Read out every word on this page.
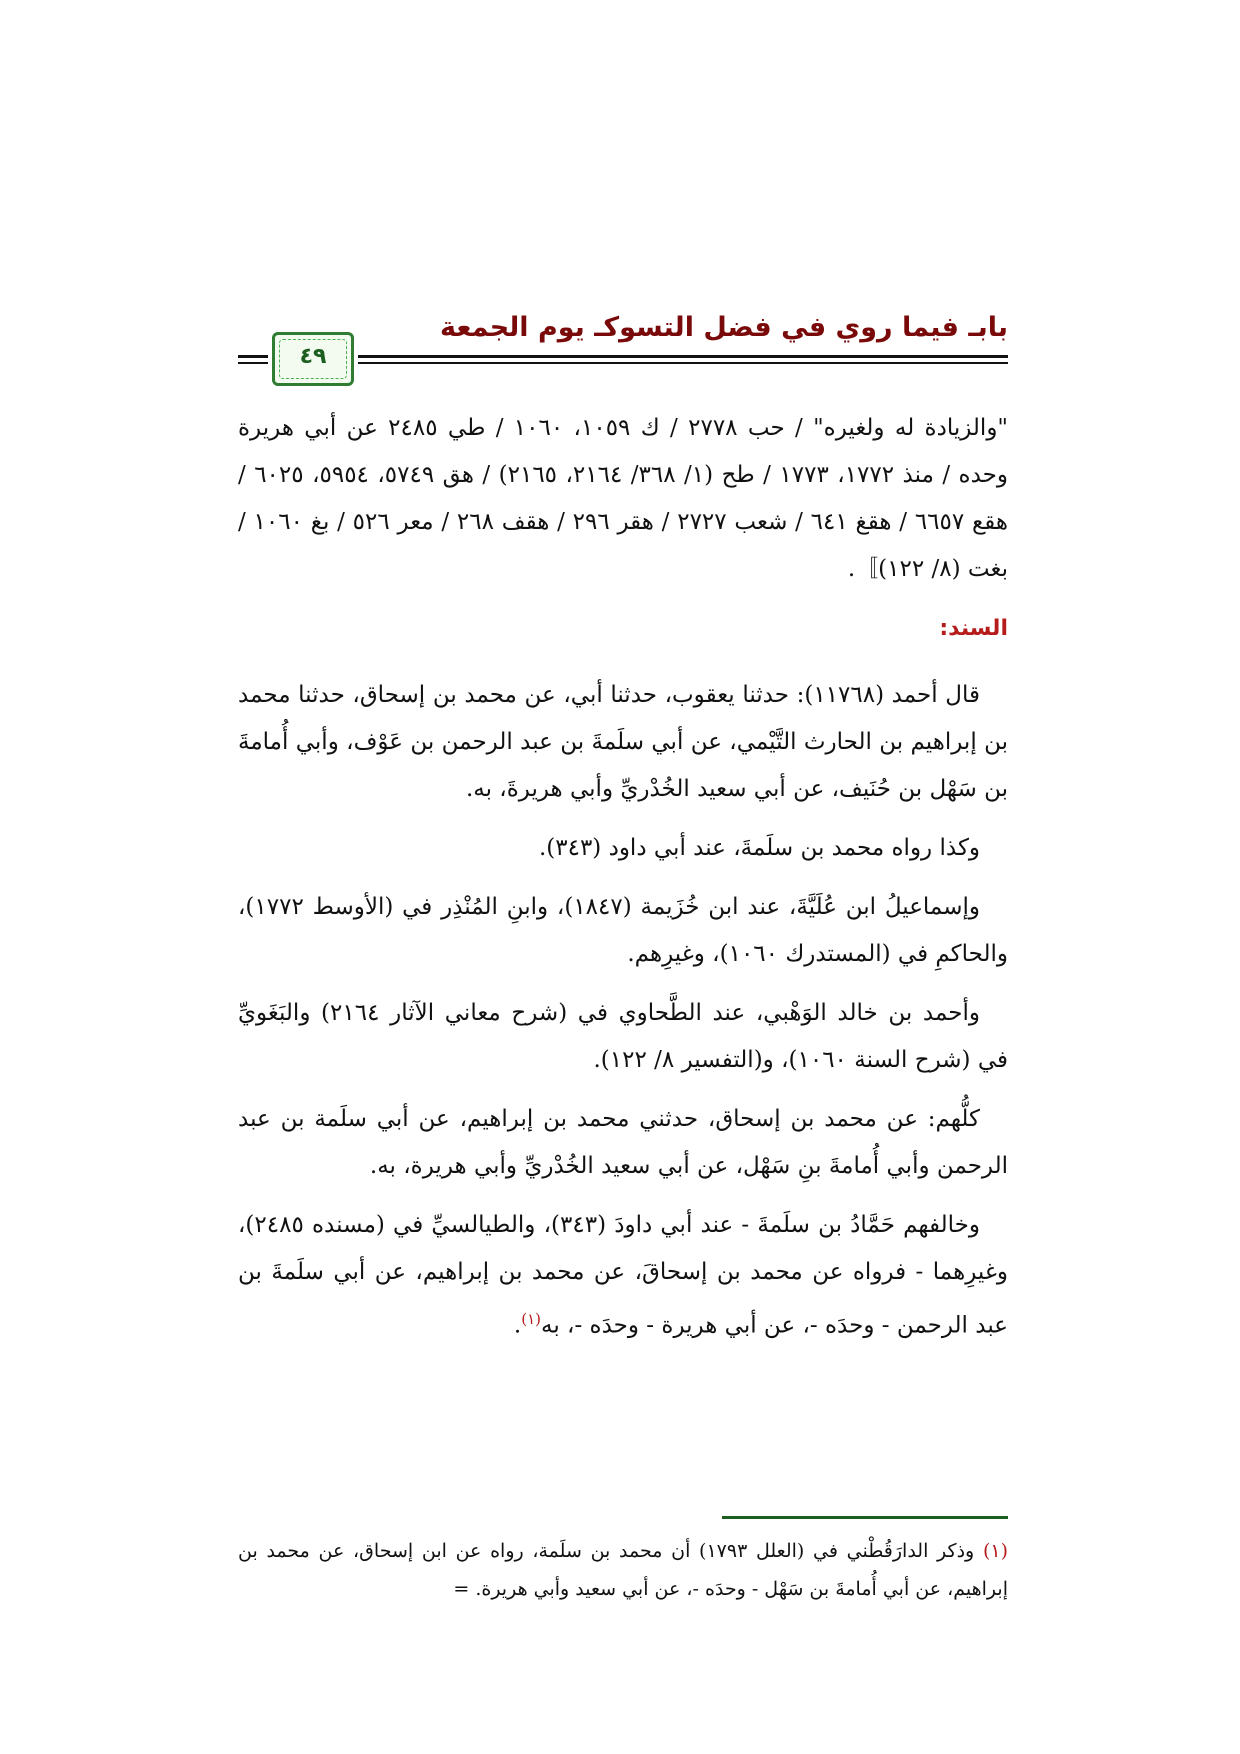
بابـ فيما روي في فضل التسوكـ يوم الجمعة
٤٩

"والزيادة له ولغيره" / حب ٢٧٧٨ / ك ١٠٥٩، ١٠٦٠ / طي ٢٤٨٥ عن أبي هريرة وحده / منذ ١٧٧٢، ١٧٧٣ / طح (١/ ٣٦٨/ ٢١٦٤، ٢١٦٥) / هق ٥٧٤٩، ٥٩٥٤، ٦٠٢٥ / هقع ٦٦٥٧ / هقغ ٦٤١ / شعب ٢٧٢٧ / هقر ٢٩٦ / هقف ٢٦٨ / معر ٥٢٦ / بغ ١٠٦٠ / بغت (٨/ ١٢٢)〛.

السند:

قال أحمد (١١٧٦٨): حدثنا يعقوب، حدثنا أبي، عن محمد بن إسحاق، حدثنا محمد بن إبراهيم بن الحارث التَّيْمي، عن أبي سلَمةَ بن عبد الرحمن بن عَوْف، وأبي أُمامةَ بن سَهْل بن حُنَيف، عن أبي سعيد الخُدْريِّ وأبي هريرةَ، به.

وكذا رواه محمد بن سلَمةَ، عند أبي داود (٣٤٣).

وإسماعيلُ ابن عُلَيَّةَ، عند ابن خُزَيمة (١٨٤٧)، وابنِ المُنْذِر في (الأوسط ١٧٧٢)، والحاكمِ في (المستدرك ١٠٦٠)، وغيرِهم.

وأحمد بن خالد الوَهْبي، عند الطَّحاوي في (شرح معاني الآثار ٢١٦٤) والبَغَويِّ في (شرح السنة ١٠٦٠)، و(التفسير ٨/ ١٢٢).

كلُّهم: عن محمد بن إسحاق، حدثني محمد بن إبراهيم، عن أبي سلَمة بن عبد الرحمن وأبي أُمامةَ بنِ سَهْل، عن أبي سعيد الخُدْريِّ وأبي هريرة، به.

وخالفهم حَمَّادُ بن سلَمةَ - عند أبي داودَ (٣٤٣)، والطيالسيِّ في (مسنده ٢٤٨٥)، وغيرِهما - فرواه عن محمد بن إسحاقَ، عن محمد بن إبراهيم، عن أبي سلَمةَ بن عبد الرحمن - وحدَه -، عن أبي هريرة - وحدَه -، به$^{(١)}$.

(١) وذكر الدارَقُطْني في (العلل ١٧٩٣) أن محمد بن سلَمة، رواه عن ابن إسحاق، عن محمد بن إبراهيم، عن أبي أُمامةَ بن سَهْل - وحدَه -، عن أبي سعيد وأبي هريرة. =
